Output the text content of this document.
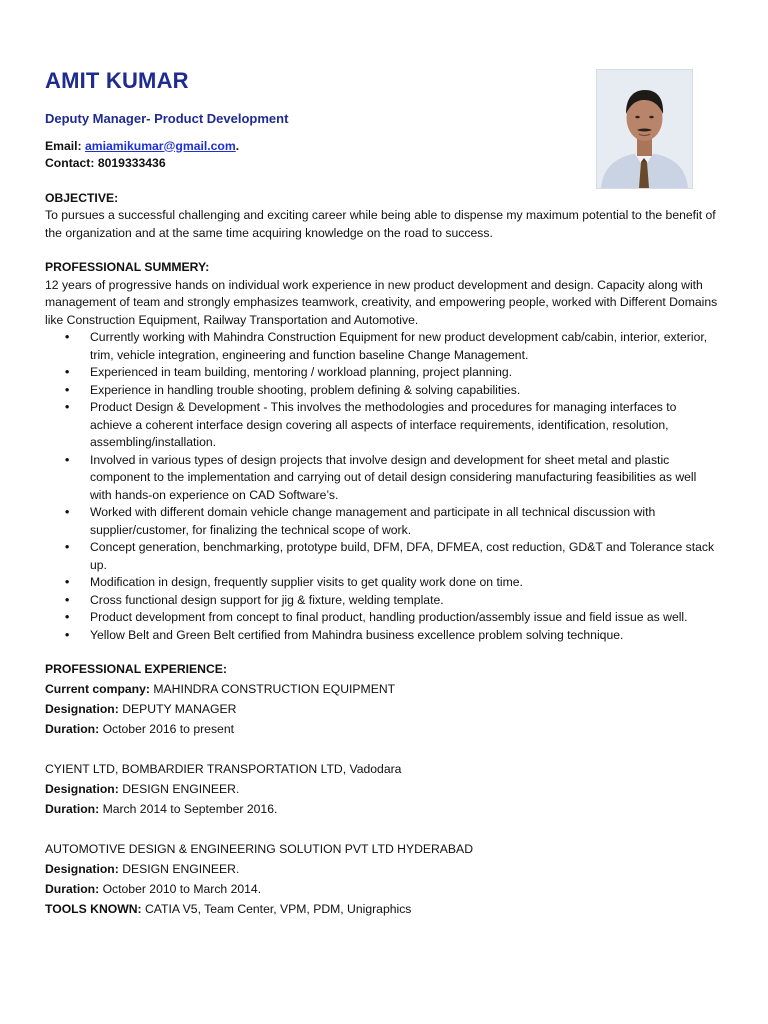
AMIT KUMAR
Deputy Manager- Product Development
Email: amiamikumar@gmail.com.
Contact: 8019333436
OBJECTIVE:

To pursues a successful challenging and exciting career while being able to dispense my maximum potential to the benefit of the organization and at the same time acquiring knowledge on the road to success.

PROFESSIONAL SUMMERY:

12 years of progressive hands on individual work experience in new product development and design. Capacity along with management of team and strongly emphasizes teamwork, creativity, and empowering people, worked with Different Domains like Construction Equipment, Railway Transportation and Automotive.

• Currently working with Mahindra Construction Equipment for new product development cab/cabin, interior, exterior, trim, vehicle integration, engineering and function baseline Change Management.
• Experienced in team building, mentoring / workload planning, project planning.
• Experience in handling trouble shooting, problem defining & solving capabilities.
• Product Design & Development - This involves the methodologies and procedures for managing interfaces to achieve a coherent interface design covering all aspects of interface requirements, identification, resolution, assembling/installation.
• Involved in various types of design projects that involve design and development for sheet metal and plastic component to the implementation and carrying out of detail design considering manufacturing feasibilities as well with hands-on experience on CAD Software’s.
• Worked with different domain vehicle change management and participate in all technical discussion with supplier/customer, for finalizing the technical scope of work.
• Concept generation, benchmarking, prototype build, DFM, DFA, DFMEA, cost reduction, GD&T and Tolerance stack up.
• Modification in design, frequently supplier visits to get quality work done on time.
• Cross functional design support for jig & fixture, welding template.
• Product development from concept to final product, handling production/assembly issue and field issue as well.
• Yellow Belt and Green Belt certified from Mahindra business excellence problem solving technique.
PROFESSIONAL EXPERIENCE:

Current company: MAHINDRA CONSTRUCTION EQUIPMENT

Designation: DEPUTY MANAGER

Duration: October 2016 to present

CYIENT LTD, BOMBARDIER TRANSPORTATION LTD, Vadodara

Designation: DESIGN ENGINEER.

Duration: March 2014 to September 2016.

AUTOMOTIVE DESIGN & ENGINEERING SOLUTION PVT LTD HYDERABAD

Designation: DESIGN ENGINEER.

Duration: October 2010 to March 2014.

TOOLS KNOWN: CATIA V5, Team Center, VPM, PDM, Unigraphics
